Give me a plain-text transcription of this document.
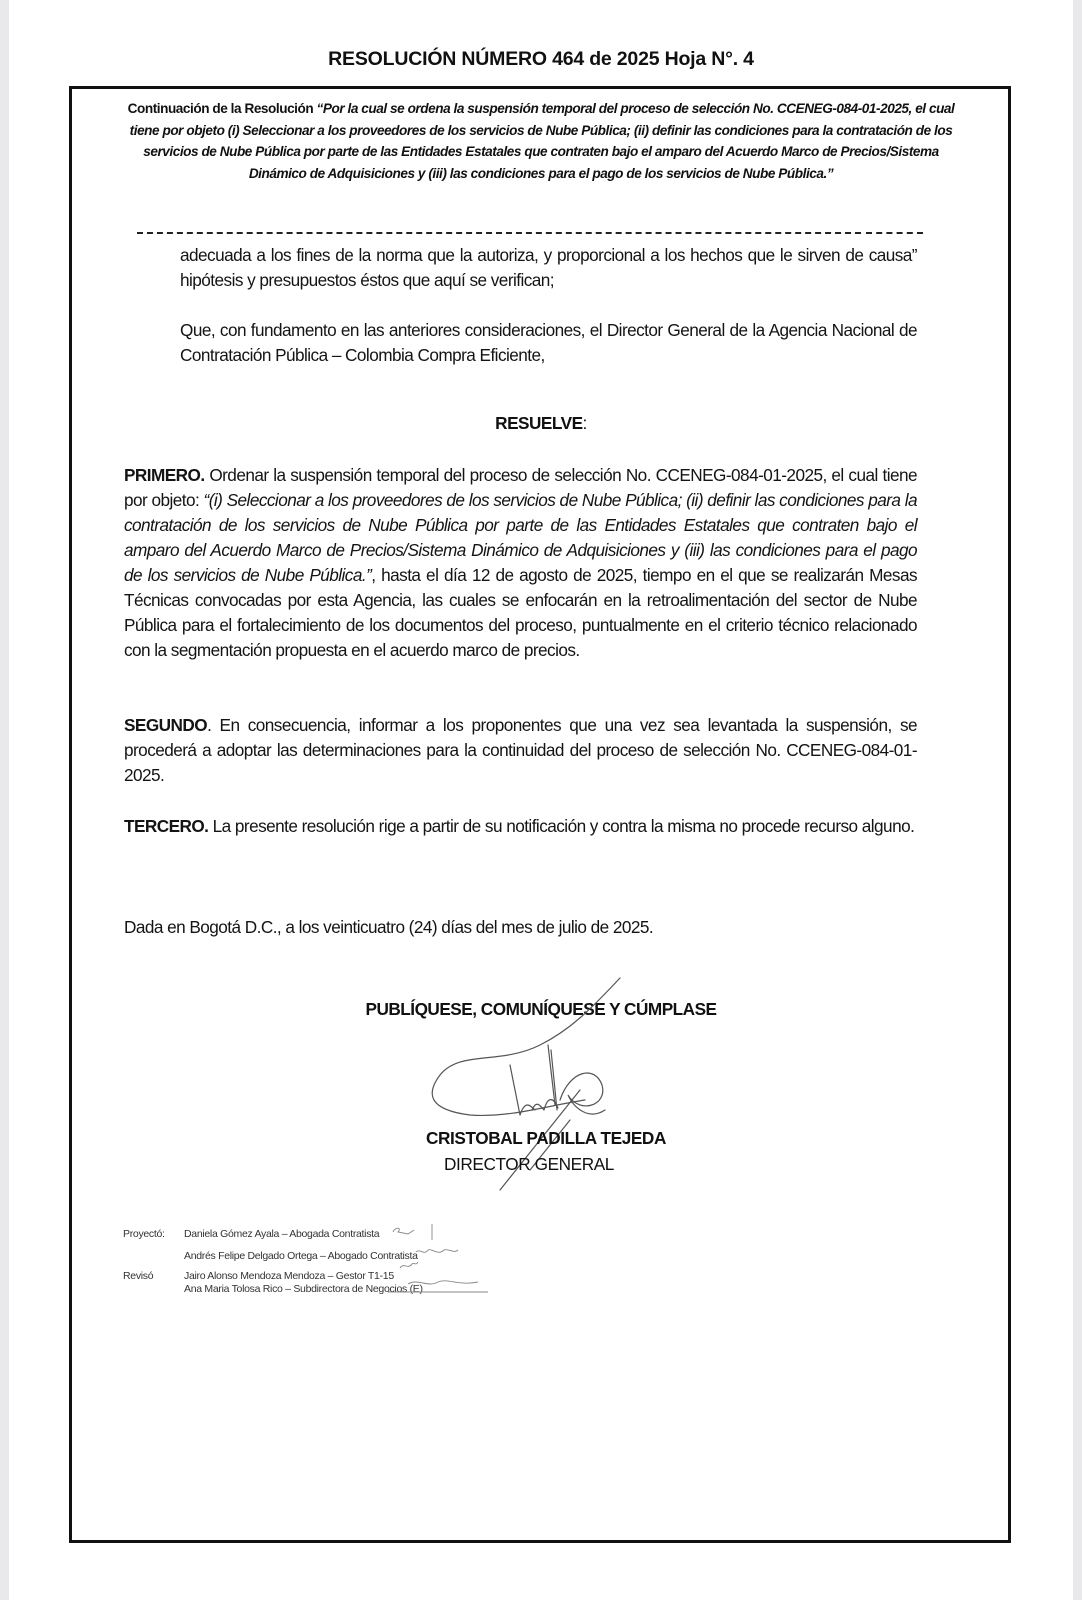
RESOLUCIÓN NÚMERO 464 de 2025 Hoja N°. 4
Continuación de la Resolución “Por la cual se ordena la suspensión temporal del proceso de selección No. CCENEG-084-01-2025, el cual tiene por objeto (i) Seleccionar a los proveedores de los servicios de Nube Pública; (ii) definir las condiciones para la contratación de los servicios de Nube Pública por parte de las Entidades Estatales que contraten bajo el amparo del Acuerdo Marco de Precios/Sistema Dinámico de Adquisiciones y (iii) las condiciones para el pago de los servicios de Nube Pública.”
adecuada a los fines de la norma que la autoriza, y proporcional a los hechos que le sirven de causa” hipótesis y presupuestos éstos que aquí se verifican;
Que, con fundamento en las anteriores consideraciones, el Director General de la Agencia Nacional de Contratación Pública – Colombia Compra Eficiente,
RESUELVE:
PRIMERO. Ordenar la suspensión temporal del proceso de selección No. CCENEG-084-01-2025, el cual tiene por objeto: “(i) Seleccionar a los proveedores de los servicios de Nube Pública; (ii) definir las condiciones para la contratación de los servicios de Nube Pública por parte de las Entidades Estatales que contraten bajo el amparo del Acuerdo Marco de Precios/Sistema Dinámico de Adquisiciones y (iii) las condiciones para el pago de los servicios de Nube Pública.”, hasta el día 12 de agosto de 2025, tiempo en el que se realizarán Mesas Técnicas convocadas por esta Agencia, las cuales se enfocarán en la retroalimentación del sector de Nube Pública para el fortalecimiento de los documentos del proceso, puntualmente en el criterio técnico relacionado con la segmentación propuesta en el acuerdo marco de precios.
SEGUNDO. En consecuencia, informar a los proponentes que una vez sea levantada la suspensión, se procederá a adoptar las determinaciones para la continuidad del proceso de selección No. CCENEG-084-01-2025.
TERCERO. La presente resolución rige a partir de su notificación y contra la misma no procede recurso alguno.
Dada en Bogotá D.C., a los veinticuatro (24) días del mes de julio de 2025.
PUBLÍQUESE, COMUNÍQUESE Y CÚMPLASE
CRISTOBAL PADILLA TEJEDA
DIRECTOR GENERAL
Proyectó: Daniela Gómez Ayala – Abogada Contratista
Andrés Felipe Delgado Ortega – Abogado Contratista
Revisó	Jairo Alonso Mendoza Mendoza – Gestor T1-15
Ana Maria Tolosa Rico – Subdirectora de Negocios (E)
